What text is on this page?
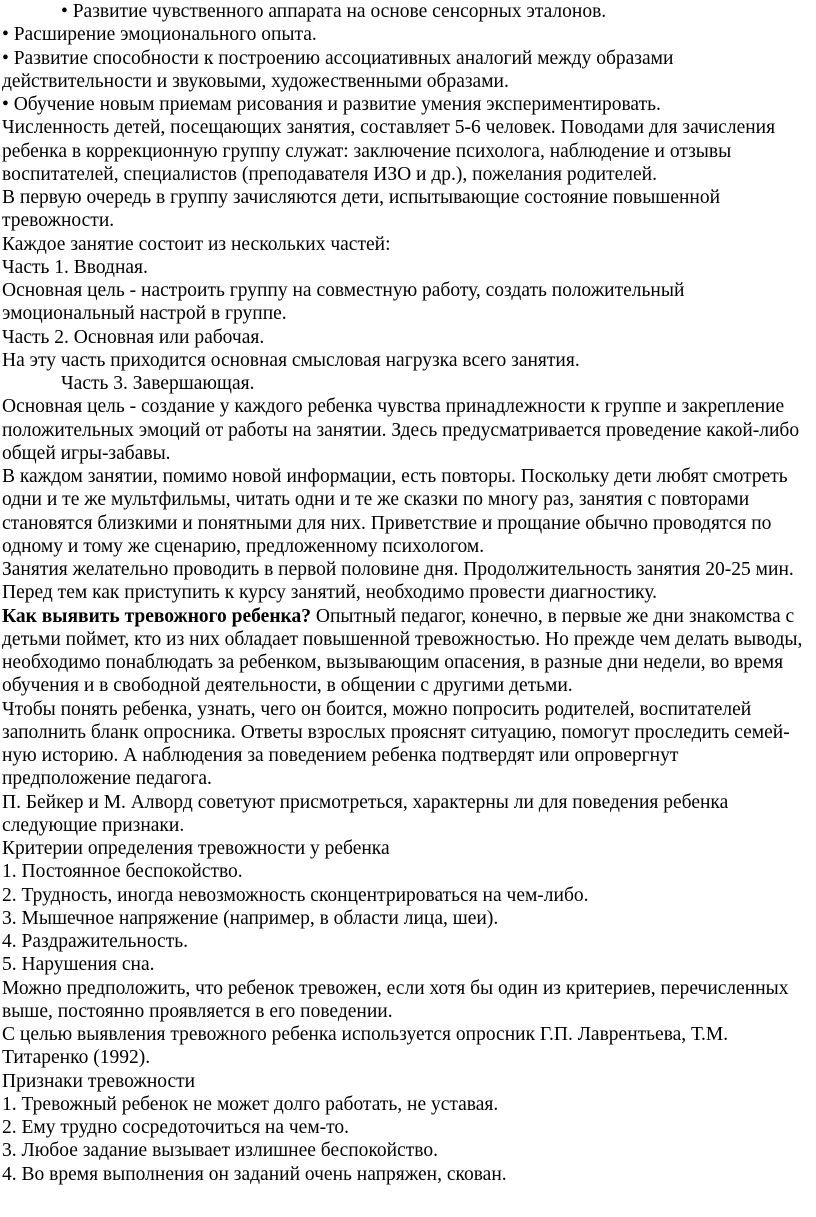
• Развитие чувственного аппарата на основе сенсорных эталонов.

• Расширение эмоционального опыта.

• Развитие способности к построению ассоциативных аналогий между образами действительности и звуковыми, художественными образами.

• Обучение новым приемам рисования и развитие умения экспериментировать.

Численность детей, посещающих занятия, составляет 5-6 человек. Поводами для зачисления ребенка в коррекционную группу служат: заключение психолога, наблюдение и отзывы воспитателей, специалистов (преподавателя ИЗО и др.), пожелания родителей.

В первую очередь в группу зачисляются дети, испытывающие состояние повышенной тревожности.

Каждое занятие состоит из нескольких частей:

Часть 1. Вводная.

Основная цель - настроить группу на совместную работу, создать положительный эмоциональный настрой в группе.

Часть 2. Основная или рабочая.

На эту часть приходится основная смысловая нагрузка всего занятия.

Часть 3. Завершающая.

Основная цель - создание у каждого ребенка чувства принадлежности к группе и закрепление положительных эмоций от работы на занятии. Здесь предусматривается проведение какой-либо общей игры-забавы.

В каждом занятии, помимо новой информации, есть повторы. Поскольку дети любят смотреть одни и те же мультфильмы, читать одни и те же сказки по многу раз, занятия с повторами становятся близкими и понятными для них. Приветствие и прощание обычно проводятся по одному и тому же сценарию, предложенному психологом.

Занятия желательно проводить в первой половине дня. Продолжительность занятия 20-25 мин.

Перед тем как приступить к курсу занятий, необходимо провести диагностику.

Как выявить тревожного ребенка? Опытный педагог, конечно, в первые же дни знакомства с детьми поймет, кто из них обладает повышенной тревожностью. Но прежде чем делать выводы, необходимо понаблюдать за ребенком, вызывающим опасения, в разные дни недели, во время обучения и в свободной деятельности, в общении с другими детьми.

Чтобы понять ребенка, узнать, чего он боится, можно попросить родителей, воспитателей заполнить бланк опросника. Ответы взрослых прояснят ситуацию, помогут проследить семей- ную историю. А наблюдения за поведением ребенка подтвердят или опровергнут предположение педагога.

П. Бейкер и М. Алворд советуют присмотреться, характерны ли для поведения ребенка следующие признаки.

Критерии определения тревожности у ребенка

1. Постоянное беспокойство.

2. Трудность, иногда невозможность сконцентрироваться на чем-либо.

3. Мышечное напряжение (например, в области лица, шеи).

4. Раздражительность.

5. Нарушения сна.

Можно предположить, что ребенок тревожен, если хотя бы один из критериев, перечисленных выше, постоянно проявляется в его поведении.

С целью выявления тревожного ребенка используется опросник Г.П. Лаврентьева, Т.М. Титаренко (1992).

Признаки тревожности

1. Тревожный ребенок не может долго работать, не уставая.

2. Ему трудно сосредоточиться на чем-то.

3. Любое задание вызывает излишнее беспокойство.

4. Во время выполнения он заданий очень напряжен, скован.
